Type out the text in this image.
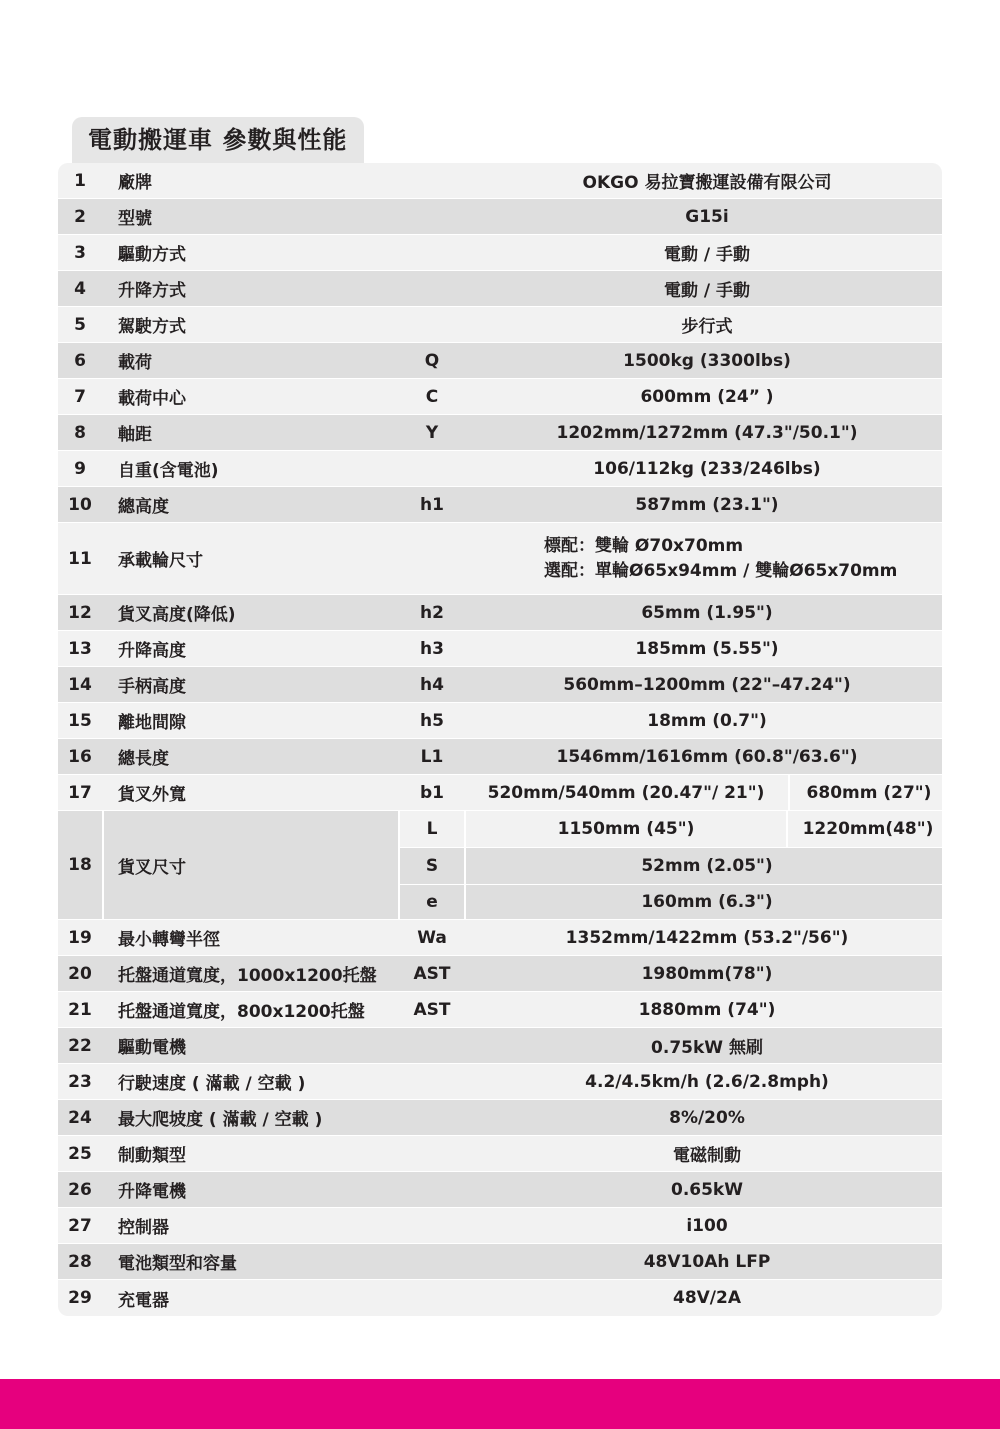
電動搬運車 參數與性能
1	廠牌	OKGO 易拉寶搬運設備有限公司
2	型號	G15i
3	驅動方式	電動 / 手動
4	升降方式	電動 / 手動
5	駕駛方式	步行式
6	載荷	Q	1500kg (3300lbs)
7	載荷中心	C	600mm (24” )
8	軸距	Y	1202mm/1272mm (47.3"/50.1")
9	自重(含電池)	106/112kg (233/246lbs)
10	總高度	h1	587mm (23.1")
11	承載輪尺寸
標配：雙輪 Ø70x70mm
選配：單輪Ø65x94mm / 雙輪Ø65x70mm
12	貨叉高度(降低)	h2	65mm (1.95")
13	升降高度	h3	185mm (5.55")
14	手柄高度	h4	560mm–1200mm (22"–47.24")
15	離地間隙	h5	18mm (0.7")
16	總長度	L1	1546mm/1616mm (60.8"/63.6")
17	貨叉外寬	b1	520mm/540mm (20.47"/ 21")	680mm (27")
18	貨叉尺寸
L	1150mm (45")	1220mm(48")
S	52mm (2.05")
e	160mm (6.3")
19	最小轉彎半徑	Wa	1352mm/1422mm (53.2"/56")
20	托盤通道寬度，1000x1200托盤	AST	1980mm(78")
21	托盤通道寬度，800x1200托盤	AST	1880mm (74")
22	驅動電機	0.75kW 無刷
23	行駛速度 ( 滿載 / 空載 )	4.2/4.5km/h (2.6/2.8mph)
24	最大爬坡度 ( 滿載 / 空載 )	8%/20%
25	制動類型	電磁制動
26	升降電機	0.65kW
27	控制器	i100
28	電池類型和容量	48V10Ah LFP
29	充電器	48V/2A
